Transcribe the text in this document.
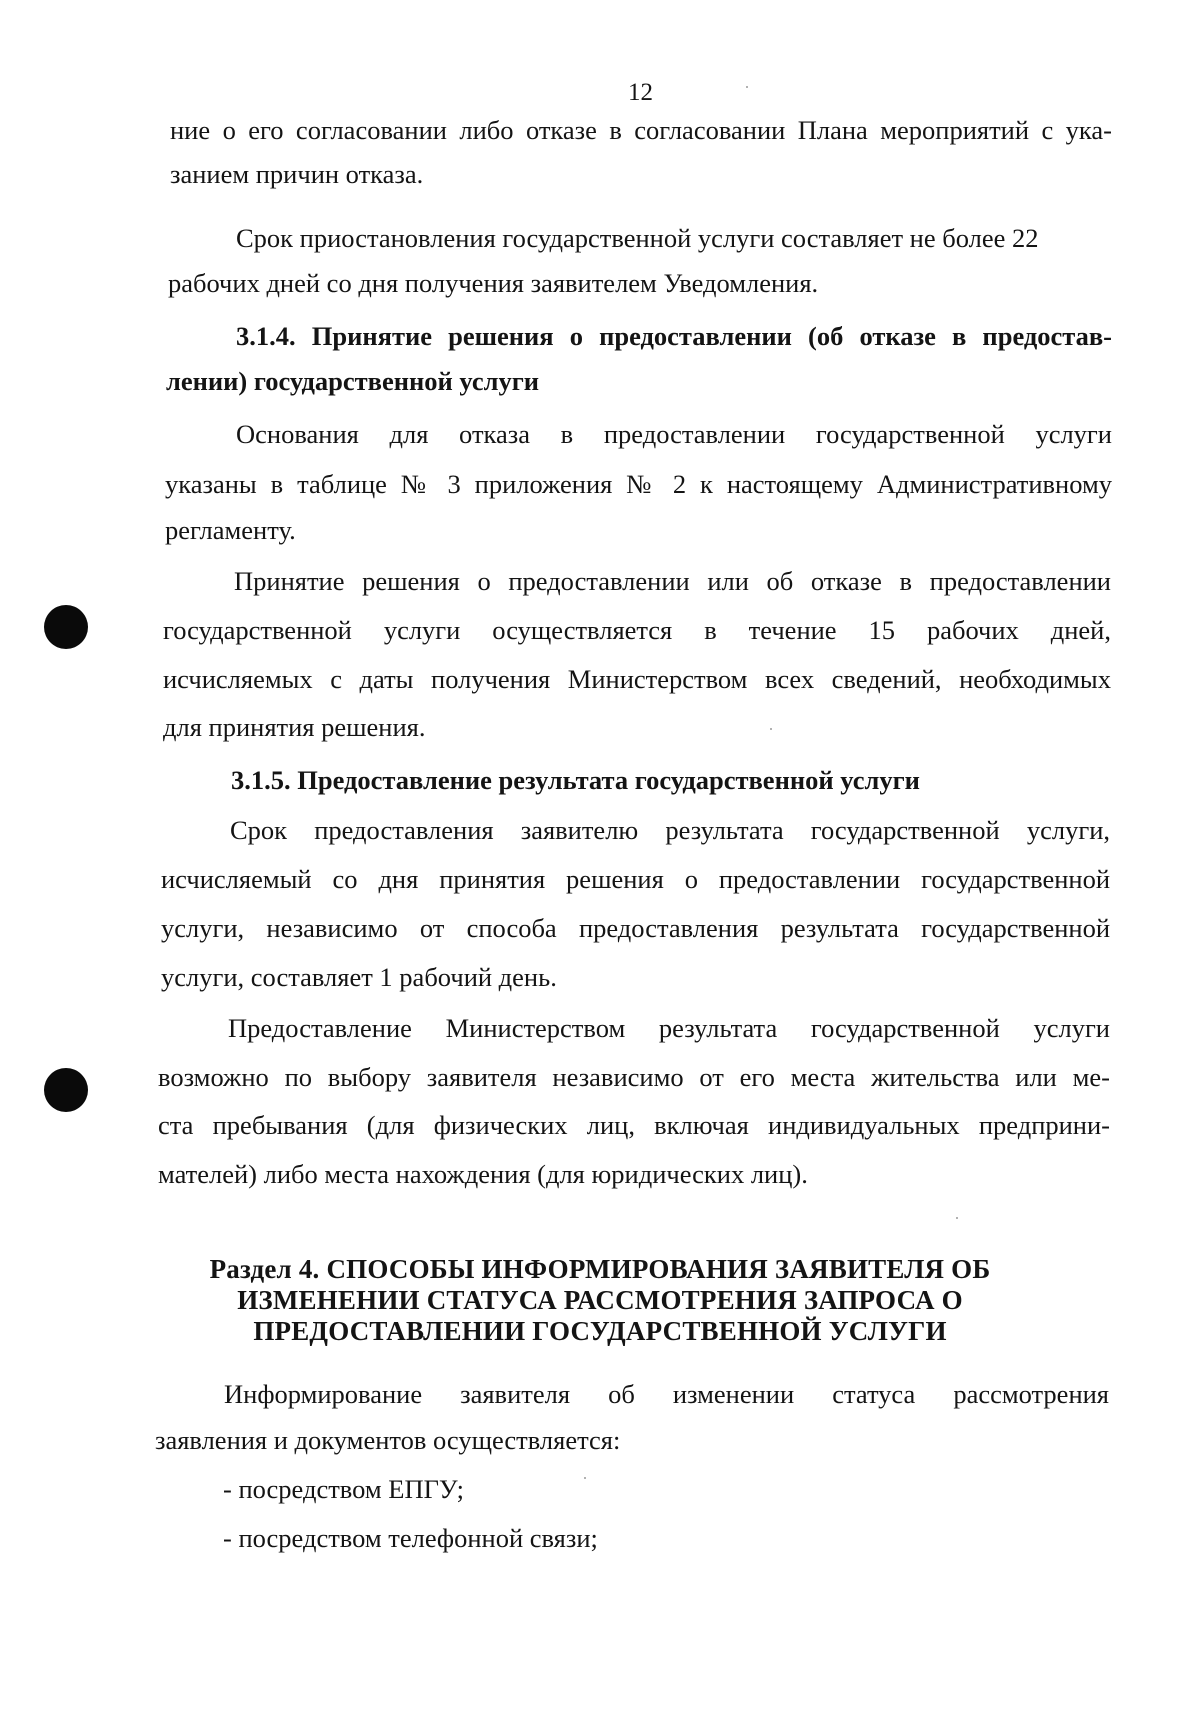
12
ние о его согласовании либо отказе в согласовании Плана мероприятий с ука-
занием причин отказа.
Срок приостановления государственной услуги составляет не более 22
рабочих дней со дня получения заявителем Уведомления.
3.1.4. Принятие решения о предоставлении (об отказе в предостав-
лении) государственной услуги
Основания для отказа в предоставлении государственной услуги
указаны в таблице № 3 приложения № 2 к настоящему Административному
регламенту.
Принятие решения о предоставлении или об отказе в предоставлении
государственной услуги осуществляется в течение 15 рабочих дней,
исчисляемых с даты получения Министерством всех сведений, необходимых
для принятия решения.
3.1.5. Предоставление результата государственной услуги
Срок предоставления заявителю результата государственной услуги,
исчисляемый со дня принятия решения о предоставлении государственной
услуги, независимо от способа предоставления результата государственной
услуги, составляет 1 рабочий день.
Предоставление Министерством результата государственной услуги
возможно по выбору заявителя независимо от его места жительства или ме-
ста пребывания (для физических лиц, включая индивидуальных предприни-
мателей) либо места нахождения (для юридических лиц).
Раздел 4. СПОСОБЫ ИНФОРМИРОВАНИЯ ЗАЯВИТЕЛЯ ОБ
ИЗМЕНЕНИИ СТАТУСА РАССМОТРЕНИЯ ЗАПРОСА О
ПРЕДОСТАВЛЕНИИ ГОСУДАРСТВЕННОЙ УСЛУГИ
Информирование заявителя об изменении статуса рассмотрения
заявления и документов осуществляется:
- посредством ЕПГУ;
- посредством телефонной связи;
